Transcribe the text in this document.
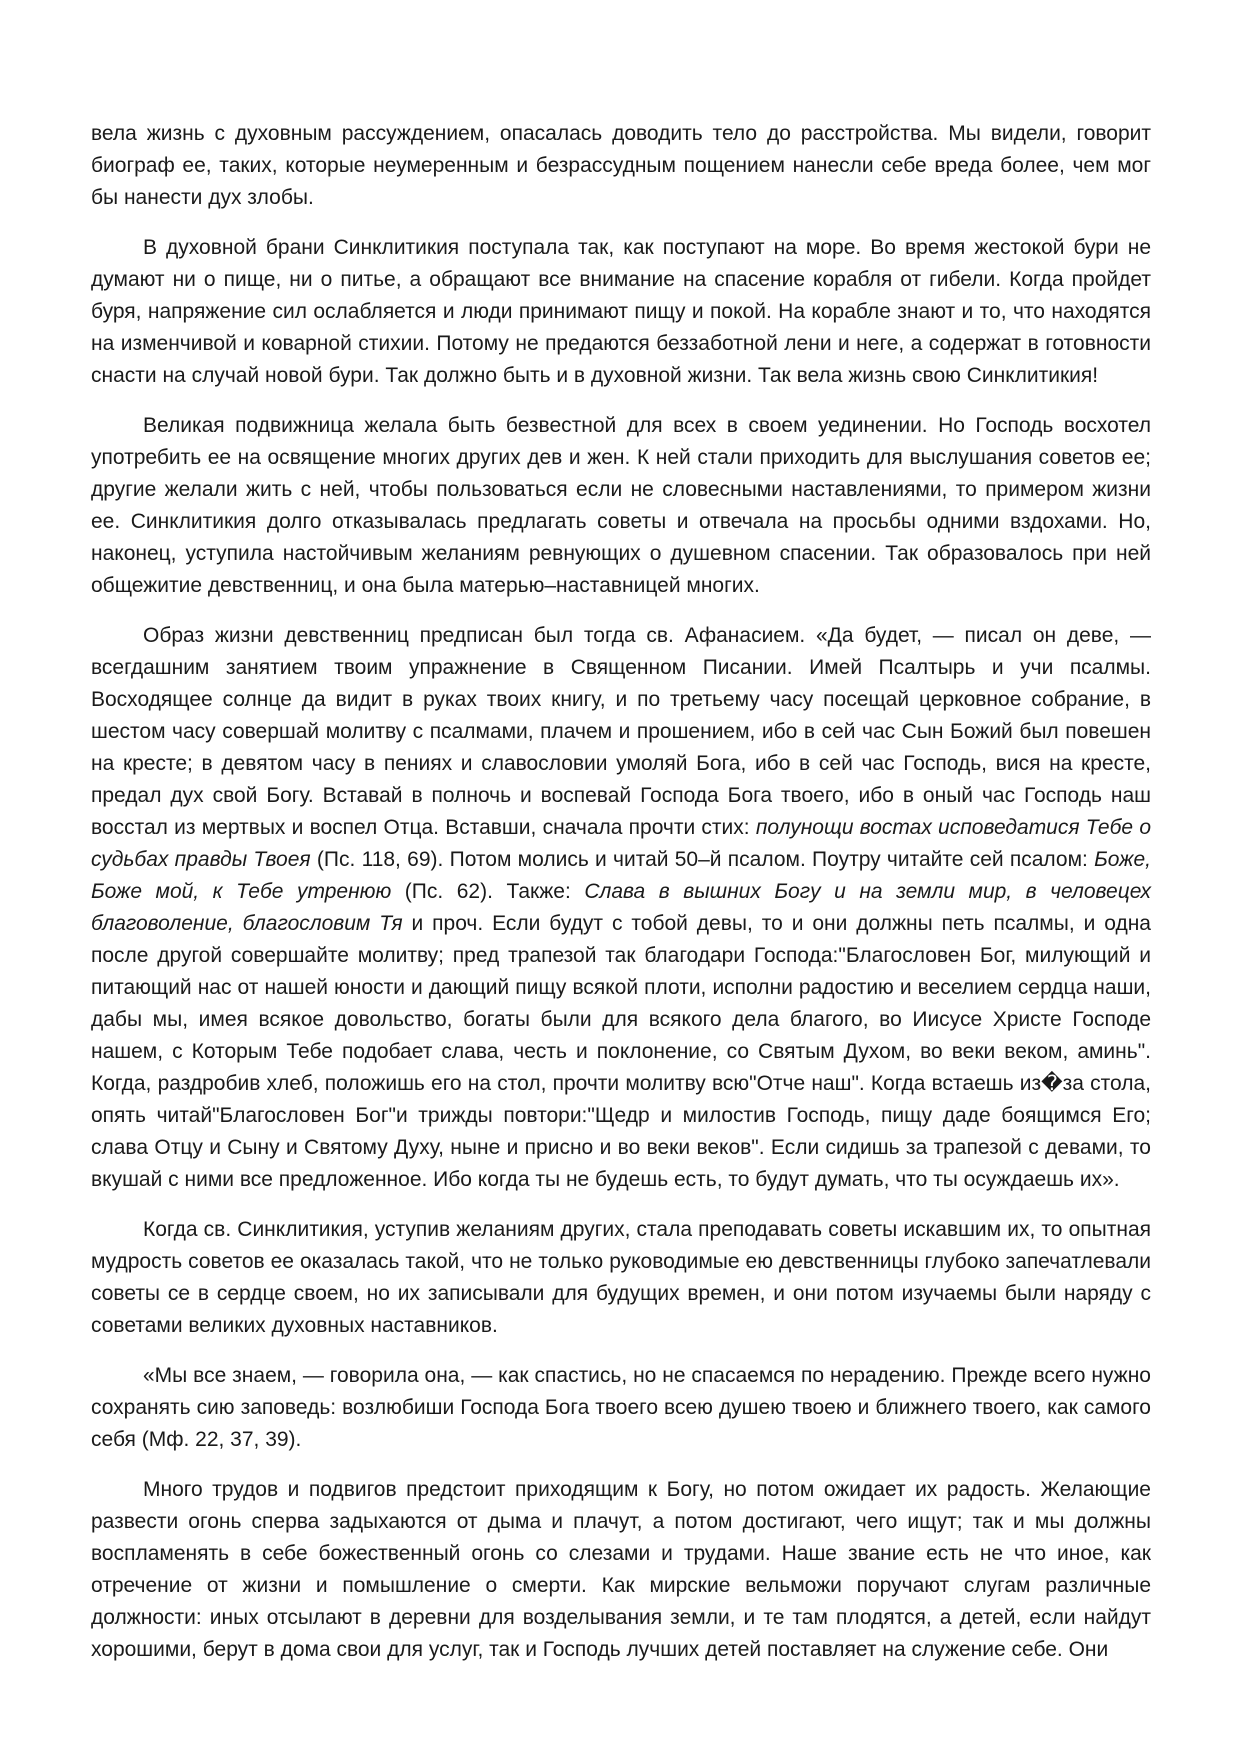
вела жизнь с духовным рассуждением, опасалась доводить тело до расстройства. Мы видели, говорит биограф ее, таких, которые неумеренным и безрассудным пощением нанесли себе вреда более, чем мог бы нанести дух злобы.

В духовной брани Синклитикия поступала так, как поступают на море. Во время жестокой бури не думают ни о пище, ни о питье, а обращают все внимание на спасение корабля от гибели. Когда пройдет буря, напряжение сил ослабляется и люди принимают пищу и покой. На корабле знают и то, что находятся на изменчивой и коварной стихии. Потому не предаются беззаботной лени и неге, а содержат в готовности снасти на случай новой бури. Так должно быть и в духовной жизни. Так вела жизнь свою Синклитикия!

Великая подвижница желала быть безвестной для всех в своем уединении. Но Господь восхотел употребить ее на освящение многих других дев и жен. К ней стали приходить для выслушания советов ее; другие желали жить с ней, чтобы пользоваться если не словесными наставлениями, то примером жизни ее. Синклитикия долго отказывалась предлагать советы и отвечала на просьбы одними вздохами. Но, наконец, уступила настойчивым желаниям ревнующих о душевном спасении. Так образовалось при ней общежитие девственниц, и она была матерью–наставницей многих.

Образ жизни девственниц предписан был тогда св. Афанасием. «Да будет, — писал он деве, — всегдашним занятием твоим упражнение в Священном Писании. Имей Псалтырь и учи псалмы. Восходящее солнце да видит в руках твоих книгу, и по третьему часу посещай церковное собрание, в шестом часу совершай молитву с псалмами, плачем и прошением, ибо в сей час Сын Божий был повешен на кресте; в девятом часу в пениях и славословии умоляй Бога, ибо в сей час Господь, вися на кресте, предал дух свой Богу. Вставай в полночь и воспевай Господа Бога твоего, ибо в оный час Господь наш восстал из мертвых и воспел Отца. Вставши, сначала прочти стих: полунощи востах исповедатися Тебе о судьбах правды Твоея (Пс. 118, 69). Потом молись и читай 50–й псалом. Поутру читайте сей псалом: Боже, Боже мой, к Тебе утренюю (Пс. 62). Также: Слава в вышних Богу и на земли мир, в человецех благоволение, благословим Тя и проч. Если будут с тобой девы, то и они должны петь псалмы, и одна после другой совершайте молитву; пред трапезой так благодари Господа:"Благословен Бог, милующий и питающий нас от нашей юности и дающий пищу всякой плоти, исполни радостию и веселием сердца наши, дабы мы, имея всякое довольство, богаты были для всякого дела благого, во Иисусе Христе Господе нашем, с Которым Тебе подобает слава, честь и поклонение, со Святым Духом, во веки веком, аминь". Когда, раздробив хлеб, положишь его на стол, прочти молитву всю"Отче наш". Когда встаешь из�за стола, опять читай"Благословен Бог"и трижды повтори:"Щедр и милостив Господь, пищу даде боящимся Его; слава Отцу и Сыну и Святому Духу, ныне и присно и во веки веков". Если сидишь за трапезой с девами, то вкушай с ними все предложенное. Ибо когда ты не будешь есть, то будут думать, что ты осуждаешь их».

Когда св. Синклитикия, уступив желаниям других, стала преподавать советы искавшим их, то опытная мудрость советов ее оказалась такой, что не только руководимые ею девственницы глубоко запечатлевали советы се в сердце своем, но их записывали для будущих времен, и они потом изучаемы были наряду с советами великих духовных наставников.

«Мы все знаем, — говорила она, — как спастись, но не спасаемся по нерадению. Прежде всего нужно сохранять сию заповедь: возлюбиши Господа Бога твоего всею душею твоею и ближнего твоего, как самого себя (Мф. 22, 37, 39).

Много трудов и подвигов предстоит приходящим к Богу, но потом ожидает их радость. Желающие развести огонь сперва задыхаются от дыма и плачут, а потом достигают, чего ищут; так и мы должны воспламенять в себе божественный огонь со слезами и трудами. Наше звание есть не что иное, как отречение от жизни и помышление о смерти. Как мирские вельможи поручают слугам различные должности: иных отсылают в деревни для возделывания земли, и те там плодятся, а детей, если найдут хорошими, берут в дома свои для услуг, так и Господь лучших детей поставляет на служение себе. Они
